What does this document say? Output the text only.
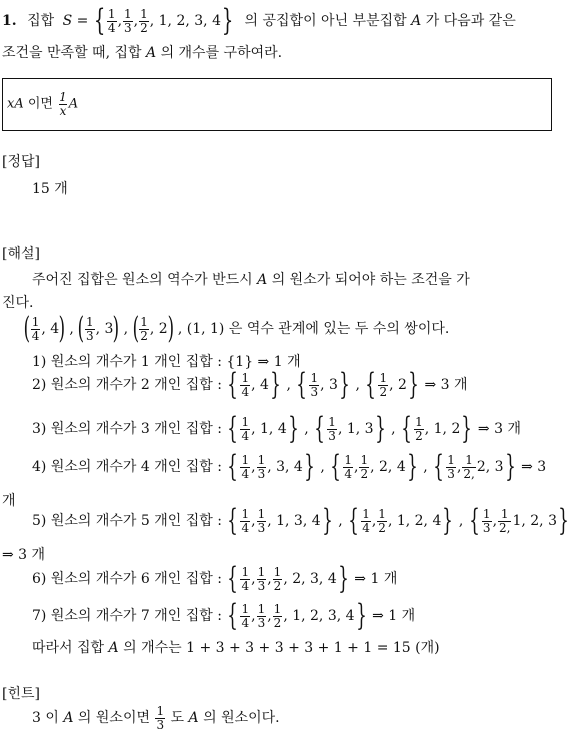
1. 집합 S = { $\frac{1}{4}$ , $\frac{1}{3}$ , $\frac{1}{2}$ , 1, 2, 3, 4} 의 공집합이 아닌 부분집합 A 가 다음과 같은
조건을 만족할 때, 집합 A 의 개수를 구하여라.
xA 이면 $\frac{1}{x}$ A
[정답]
15 개
[해설]
주어진 집합은 원소의 역수가 반드시 A 의 원소가 되어야 하는 조건을 가
진다.
( $\frac{1}{4}$ , 4) , ( $\frac{1}{3}$ , 3) , ( $\frac{1}{2}$ , 2) , (1, 1) 은 역수 관계에 있는 두 수의 쌍이다.
1) 원소의 개수가 1 개인 집합 : {1} ⇒ 1 개
2) 원소의 개수가 2 개인 집합 : { $\frac{1}{4}$ , 4} , { $\frac{1}{3}$ , 3} , { $\frac{1}{2}$ , 2} ⇒ 3 개
3) 원소의 개수가 3 개인 집합 : { $\frac{1}{4}$ , 1, 4} , { $\frac{1}{3}$ , 1, 3} , { $\frac{1}{2}$ , 1, 2} ⇒ 3 개
4) 원소의 개수가 4 개인 집합 : { $\frac{1}{4}$ , $\frac{1}{3}$ , 3, 4} , { $\frac{1}{4}$ , $\frac{1}{2}$ , 2, 4} , { $\frac{1}{3}$ , $\frac{1}{2,} 2$, 3} ⇒ 3
개
5) 원소의 개수가 5 개인 집합 : { $\frac{1}{4}$ , $\frac{1}{3}$ , 1, 3, 4} , { $\frac{1}{4}$ , $\frac{1}{2}$ , 1, 2, 4} , { $\frac{1}{3}$ , $\frac{1}{2,} 1$, 2, 3}
⇒ 3 개
6) 원소의 개수가 6 개인 집합 : { $\frac{1}{4}$ , $\frac{1}{3}$ , $\frac{1}{2}$ , 2, 3, 4} ⇒ 1 개
7) 원소의 개수가 7 개인 집합 : { $\frac{1}{4}$ , $\frac{1}{3}$ , $\frac{1}{2}$ , 1, 2, 3, 4} ⇒ 1 개
따라서 집합 A 의 개수는 1 + 3 + 3 + 3 + 3 + 1 + 1 = 15 (개)
[힌트]
3 이 A 의 원소이면 $\frac{1}{3}$ 도 A 의 원소이다.
